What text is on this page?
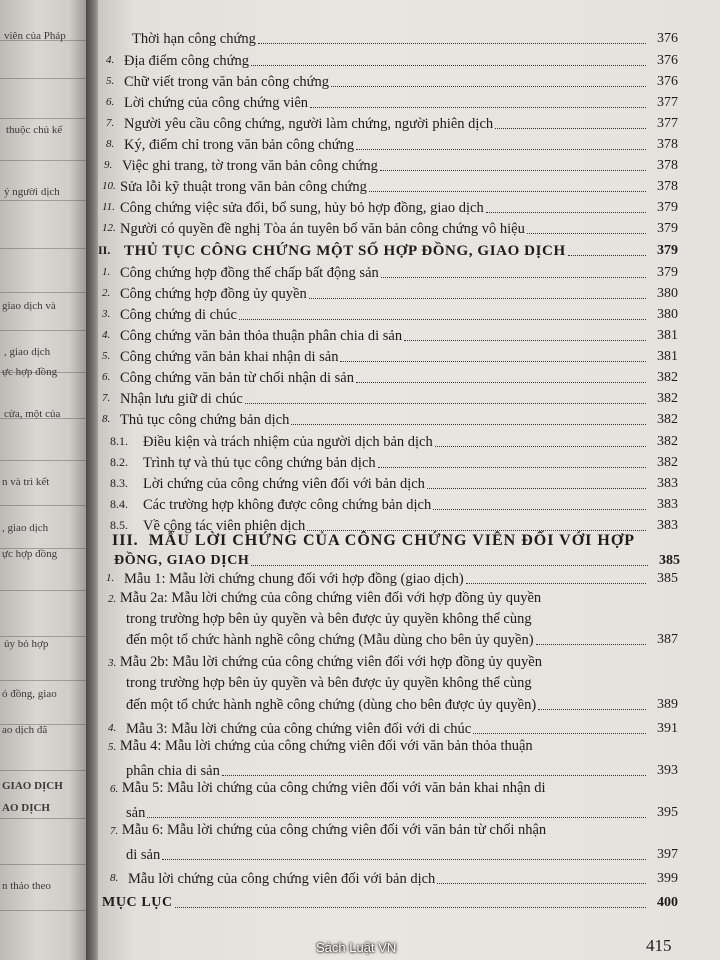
viên của Pháp
thuộc chủ kế
ý người dịch
giao dịch và
, giao dịch
ực hợp đồng
cửa, một của
n và trì kết
, giao dịch
ực hợp đồng
ủy bỏ hợp
ó đồng, giao
ao dịch đã
GIAO DỊCH
AO DỊCH
n thảo theo
Thời hạn công chứng	376
4. Địa điểm công chứng	376
5. Chữ viết trong văn bản công chứng	376
6. Lời chứng của công chứng viên	377
7. Người yêu cầu công chứng, người làm chứng, người phiên dịch	377
8. Ký, điểm chỉ trong văn bản công chứng	378
9. Việc ghi trang, tờ trong văn bản công chứng	378
10. Sửa lỗi kỹ thuật trong văn bản công chứng	378
11. Công chứng việc sửa đổi, bổ sung, hủy bỏ hợp đồng, giao dịch	379
12. Người có quyền đề nghị Tòa án tuyên bố văn bản công chứng vô hiệu	379
II. THỦ TỤC CÔNG CHỨNG MỘT SỐ HỢP ĐỒNG, GIAO DỊCH	379
1. Công chứng hợp đồng thế chấp bất động sản	379
2. Công chứng hợp đồng ủy quyền	380
3. Công chứng di chúc	380
4. Công chứng văn bản thỏa thuận phân chia di sản	381
5. Công chứng văn bản khai nhận di sản	381
6. Công chứng văn bản từ chối nhận di sản	382
7. Nhận lưu giữ di chúc	382
8. Thủ tục công chứng bản dịch	382
8.1.	Điều kiện và trách nhiệm của người dịch bản dịch	382
8.2.	Trình tự và thủ tục công chứng bản dịch	382
8.3.	Lời chứng của công chứng viên đối với bản dịch	383
8.4.	Các trường hợp không được công chứng bản dịch	383
8.5.	Về cộng tác viên phiên dịch	383
III. MẪU LỜI CHỨNG CỦA CÔNG CHỨNG VIÊN ĐỐI VỚI HỢP
ĐỒNG, GIAO DỊCH	385
1. Mẫu 1: Mẫu lời chứng chung đối với hợp đồng (giao dịch)	385
2. Mẫu 2a: Mẫu lời chứng của công chứng viên đối với hợp đồng ủy quyền
trong trường hợp bên ủy quyền và bên được ủy quyền không thể cùng
đến một tổ chức hành nghề công chứng (Mẫu dùng cho bên ủy quyền)	387
3. Mẫu 2b: Mẫu lời chứng của công chứng viên đối với hợp đồng ủy quyền
trong trường hợp bên ủy quyền và bên được ủy quyền không thể cùng
đến một tổ chức hành nghề công chứng (dùng cho bên được ủy quyền)	389
4. Mẫu 3: Mẫu lời chứng của công chứng viên đối với di chúc	391
5. Mẫu 4: Mẫu lời chứng của công chứng viên đối với văn bản thỏa thuận
phân chia di sản	393
6. Mẫu 5: Mẫu lời chứng của công chứng viên đối với văn bản khai nhận di
sản	395
7. Mẫu 6: Mẫu lời chứng của công chứng viên đối với văn bản từ chối nhận
di sản	397
8. Mẫu lời chứng của công chứng viên đối với bản dịch	399
MỤC LỤC	400
415
Sách Luật VN
